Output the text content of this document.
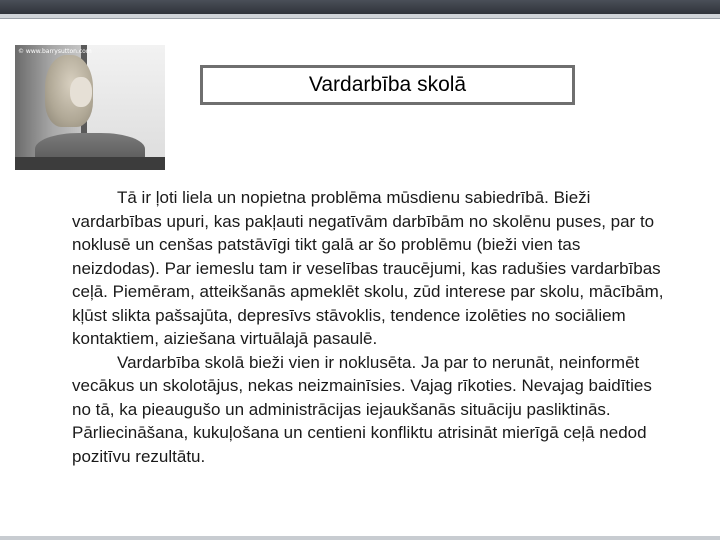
© www.barrysutton.com
Vardarbība skolā

Tā ir ļoti liela un nopietna problēma mūsdienu sabiedrībā. Bieži vardarbības upuri, kas pakļauti negatīvām darbībām no skolēnu puses, par to noklusē un cenšas patstāvīgi tikt galā ar šo problēmu (bieži vien tas neizdodas). Par iemeslu tam ir veselības traucējumi, kas radušies vardarbības ceļā. Piemēram, atteikšanās apmeklēt skolu, zūd interese par skolu, mācībām, kļūst slikta pašsajūta, depresīvs stāvoklis, tendence izolēties no sociāliem kontaktiem, aiziešana virtuālajā pasaulē.

Vardarbība skolā bieži vien ir noklusēta. Ja par to nerunāt, neinformēt vecākus un skolotājus, nekas neizmainīsies. Vajag rīkoties. Nevajag baidīties no tā, ka pieaugušo un administrācijas iejaukšanās situāciju pasliktinās. Pārliecināšana, kukuļošana un centieni konfliktu atrisināt mierīgā ceļā nedod pozitīvu rezultātu.
